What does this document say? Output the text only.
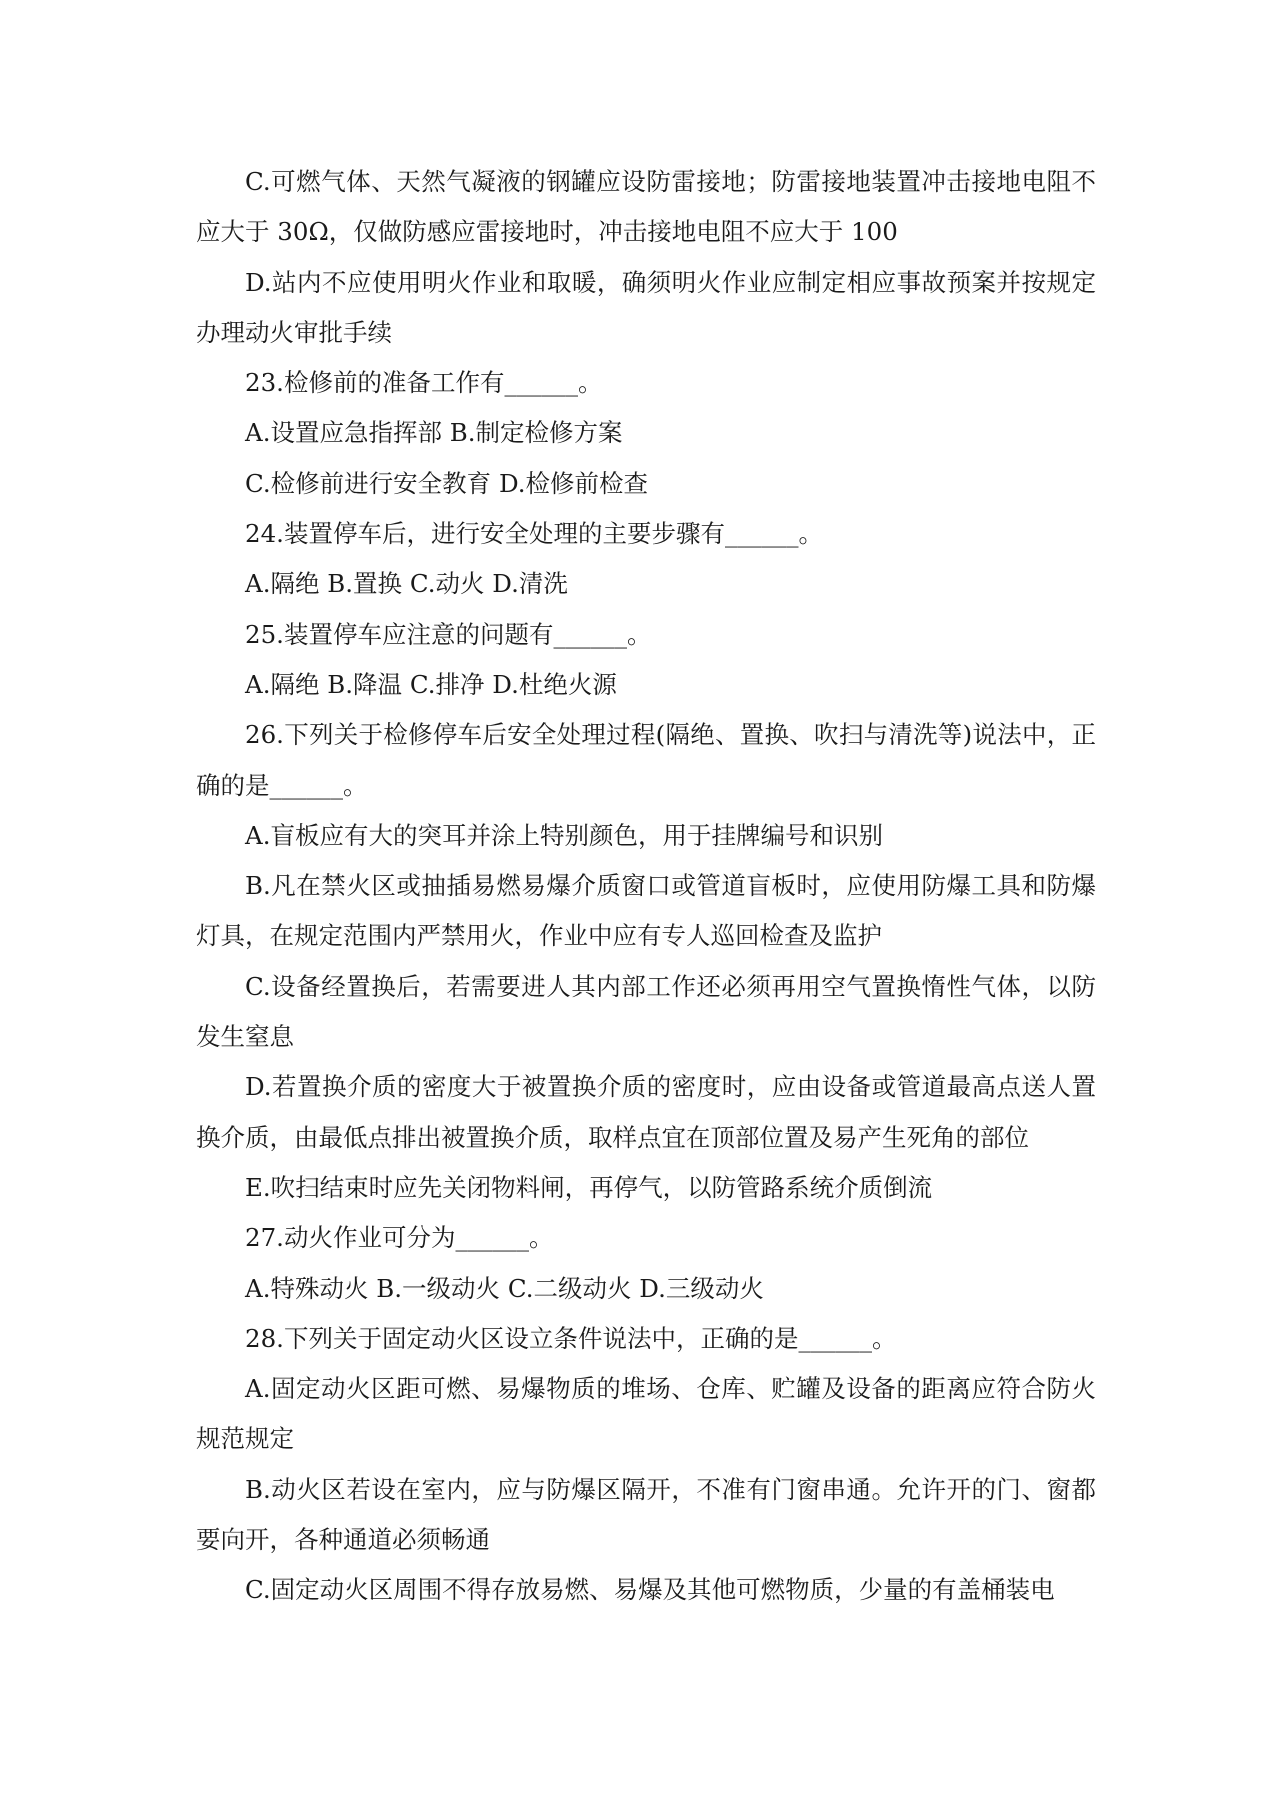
C.可燃气体、天然气凝液的钢罐应设防雷接地；防雷接地装置冲击接地电阻不应大于 30Ω，仅做防感应雷接地时，冲击接地电阻不应大于 100

D.站内不应使用明火作业和取暖，确须明火作业应制定相应事故预案并按规定办理动火审批手续

23.检修前的准备工作有______。

A.设置应急指挥部 B.制定检修方案

C.检修前进行安全教育 D.检修前检查

24.装置停车后，进行安全处理的主要步骤有______。

A.隔绝 B.置换 C.动火 D.清洗

25.装置停车应注意的问题有______。

A.隔绝 B.降温 C.排净 D.杜绝火源

26.下列关于检修停车后安全处理过程(隔绝、置换、吹扫与清洗等)说法中，正确的是______。

A.盲板应有大的突耳并涂上特别颜色，用于挂牌编号和识别

B.凡在禁火区或抽插易燃易爆介质窗口或管道盲板时，应使用防爆工具和防爆灯具，在规定范围内严禁用火，作业中应有专人巡回检查及监护

C.设备经置换后，若需要进人其内部工作还必须再用空气置换惰性气体，以防发生窒息

D.若置换介质的密度大于被置换介质的密度时，应由设备或管道最高点送人置换介质，由最低点排出被置换介质，取样点宜在顶部位置及易产生死角的部位

E.吹扫结束时应先关闭物料闸，再停气，以防管路系统介质倒流

27.动火作业可分为______。

A.特殊动火 B.一级动火 C.二级动火 D.三级动火

28.下列关于固定动火区设立条件说法中，正确的是______。

A.固定动火区距可燃、易爆物质的堆场、仓库、贮罐及设备的距离应符合防火规范规定

B.动火区若设在室内，应与防爆区隔开，不准有门窗串通。允许开的门、窗都要向开，各种通道必须畅通

C.固定动火区周围不得存放易燃、易爆及其他可燃物质，少量的有盖桶装电
